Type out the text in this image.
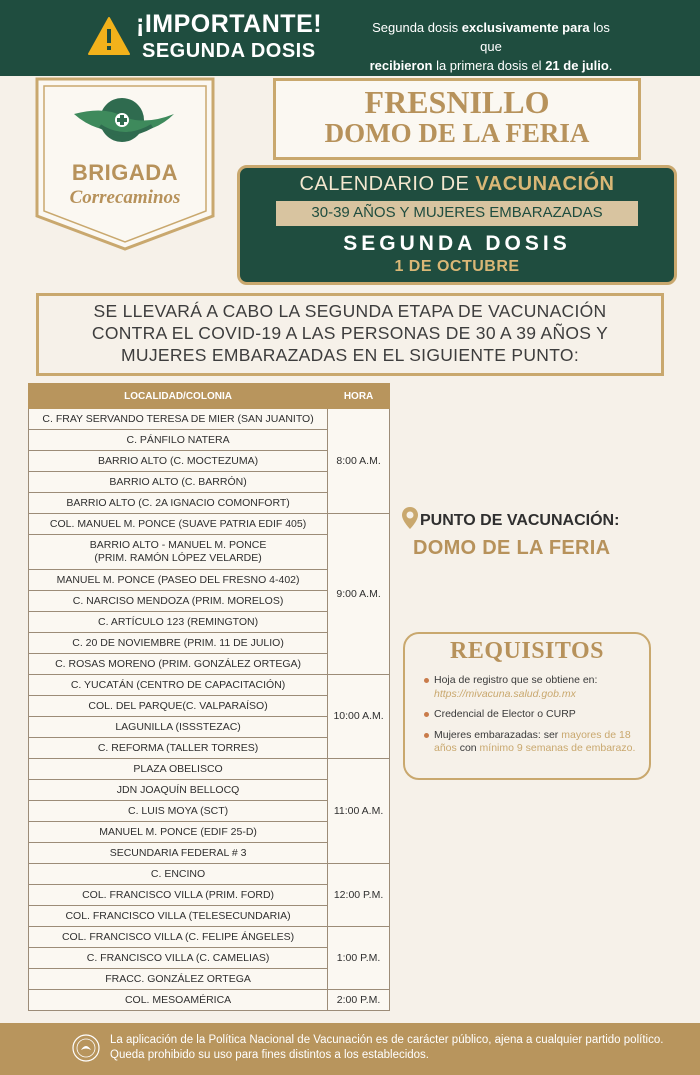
¡IMPORTANTE!
SEGUNDA DOSIS
Segunda dosis exclusivamente para los que
recibieron la primera dosis el 21 de julio.
BRIGADA
Correcaminos
FRESNILLO
DOMO DE LA FERIA
CALENDARIO DE VACUNACIÓN
30-39 AÑOS Y MUJERES EMBARAZADAS
SEGUNDA DOSIS
1 DE OCTUBRE
SE LLEVARÁ A CABO LA SEGUNDA ETAPA DE VACUNACIÓN
CONTRA EL COVID-19 A LAS PERSONAS DE 30 A 39 AÑOS Y
MUJERES EMBARAZADAS EN EL SIGUIENTE PUNTO:
LOCALIDAD/COLONIA	HORA
C. FRAY SERVANDO TERESA DE MIER (SAN JUANITO)	8:00 A.M.
C. PÁNFILO NATERA	
BARRIO ALTO (C. MOCTEZUMA)	
BARRIO ALTO (C. BARRÓN)	
BARRIO ALTO (C. 2A IGNACIO COMONFORT)	
COL. MANUEL M. PONCE (SUAVE PATRIA EDIF 405)	9:00 A.M.
BARRIO ALTO - MANUEL M. PONCE
(PRIM. RAMÓN LÓPEZ VELARDE)	
MANUEL M. PONCE (PASEO DEL FRESNO 4-402)	
C. NARCISO MENDOZA (PRIM. MORELOS)	
C. ARTÍCULO 123 (REMINGTON)	
C. 20 DE NOVIEMBRE (PRIM. 11 DE JULIO)	
C. ROSAS MORENO (PRIM. GONZÁLEZ ORTEGA)	
C. YUCATÁN (CENTRO DE CAPACITACIÓN)	10:00 A.M.
COL. DEL PARQUE(C. VALPARAÍSO)	
LAGUNILLA (ISSSTEZAC)	
C. REFORMA (TALLER TORRES)	
PLAZA OBELISCO	11:00 A.M.
JDN JOAQUÍN BELLOCQ	
C. LUIS MOYA (SCT)	
MANUEL M. PONCE (EDIF 25-D)	
SECUNDARIA FEDERAL # 3	
C. ENCINO	12:00 P.M.
COL. FRANCISCO VILLA (PRIM. FORD)	
COL. FRANCISCO VILLA (TELESECUNDARIA)	
COL. FRANCISCO VILLA (C. FELIPE ÁNGELES)	1:00 P.M.
C. FRANCISCO VILLA (C. CAMELIAS)	
FRACC. GONZÁLEZ ORTEGA	
COL. MESOAMÉRICA	2:00 P.M.
PUNTO DE VACUNACIÓN:
DOMO DE LA FERIA
REQUISITOS
Hoja de registro que se obtiene en: https://mivacuna.salud.gob.mx
Credencial de Elector o CURP
Mujeres embarazadas: ser mayores de 18 años con mínimo 9 semanas de embarazo.
La aplicación de la Política Nacional de Vacunación es de carácter público, ajena a cualquier partido político. Queda prohibido su uso para fines distintos a los establecidos.
